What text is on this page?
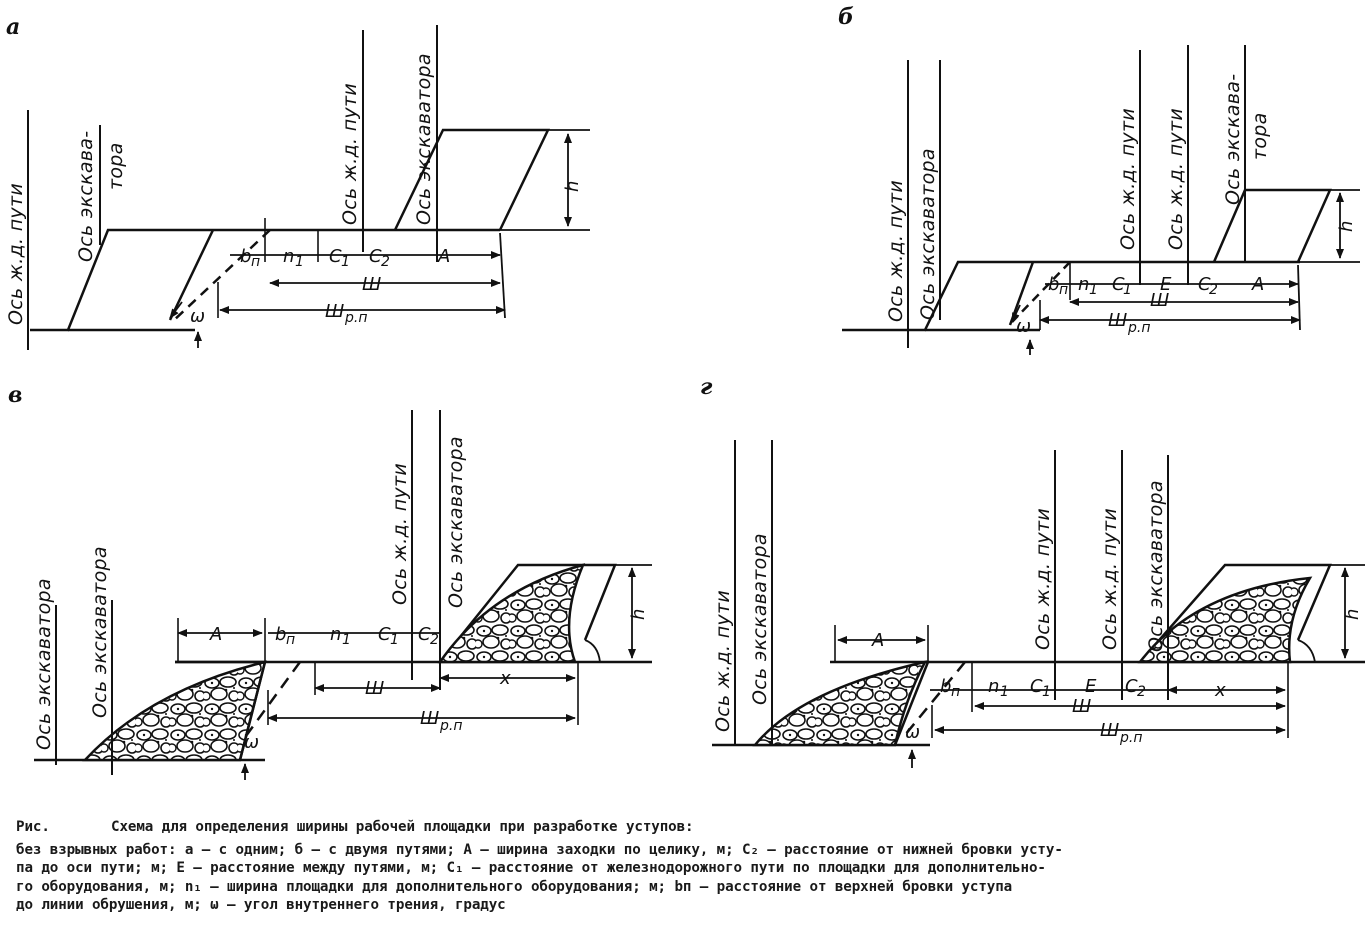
а
Ось ж.д. пути	Ось экскава- тора	Ось ж.д. пути	Ось экскаватора
b п n 1 C 1 C 2	A
Ш
Ш р.п
h
ω
б
Ось ж.д. пути Ось экскаватора	Ось ж.д. пути Ось ж.д. пути Ось экскава- тора
b п n 1 C
1 E C
2 A
Ш
Ш р.п
h
ω
в
Ось экскаватора Ось экскаватора
Ось ж.д. пути Ось экскаватора
A	b п n 1 C 1 C 2
Ш	x
Ш р.п
h
ω
г
Ось ж.д. пути Ось экскаватора	Ось ж.д. пути Ось ж.д. пути Ось экскаватора
A
b п n 1 C 1 E C 2	x
Ш
Ш р.п
h
ω
Рис.	Схема для определения ширины рабочей площадки при разработке уступов:
без взрывных работ: а — с одним; б — с двумя путями; А — ширина заходки по целику, м; C₂ — расстояние от нижней бровки усту-
па до оси пути; м; E — расстояние между путями, м; C₁ — расстояние от железнодорожного пути по площадки для дополнительно-
го оборудования, м; n₁ — ширина площадки для дополнительного оборудования; м; bп — расстояние от верхней бровки уступа
до линии обрушения, м; ω — угол внутреннего трения, градус
